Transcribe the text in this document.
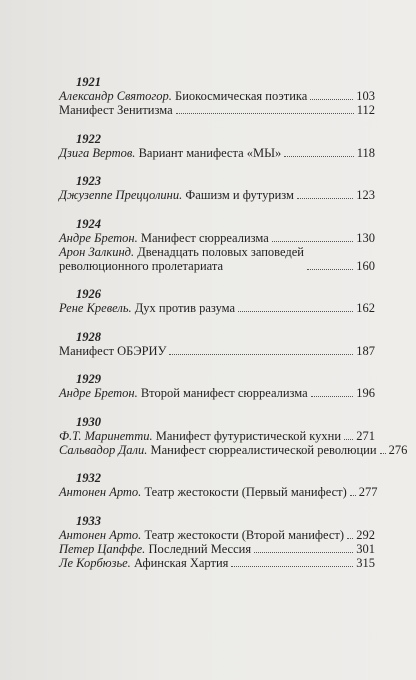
1921
Александр Святогор. Биокосмическая поэтика	103
Манифест Зенитизма	112
1922
Дзига Вертов. Вариант манифеста «МЫ»	118
1923
Джузеппе Преццолини. Фашизм и футуризм	123
1924
Андре Бретон. Манифест сюрреализма	130
Арон Залкинд. Двенадцать половых заповедей революционного пролетариата	160
1926
Рене Кревель. Дух против разума	162
1928
Манифест ОБЭРИУ	187
1929
Андре Бретон. Второй манифест сюрреализма	196
1930
Ф.Т. Маринетти. Манифест футуристической кухни 271
Сальвадор Дали. Манифест сюрреалистической революции 276
1932
Антонен Арто. Театр жестокости (Первый манифест) 277
1933
Антонен Арто. Театр жестокости (Второй манифест) 292
Петер Цапффе. Последний Мессия	301
Ле Корбюзье. Афинская Хартия	315
